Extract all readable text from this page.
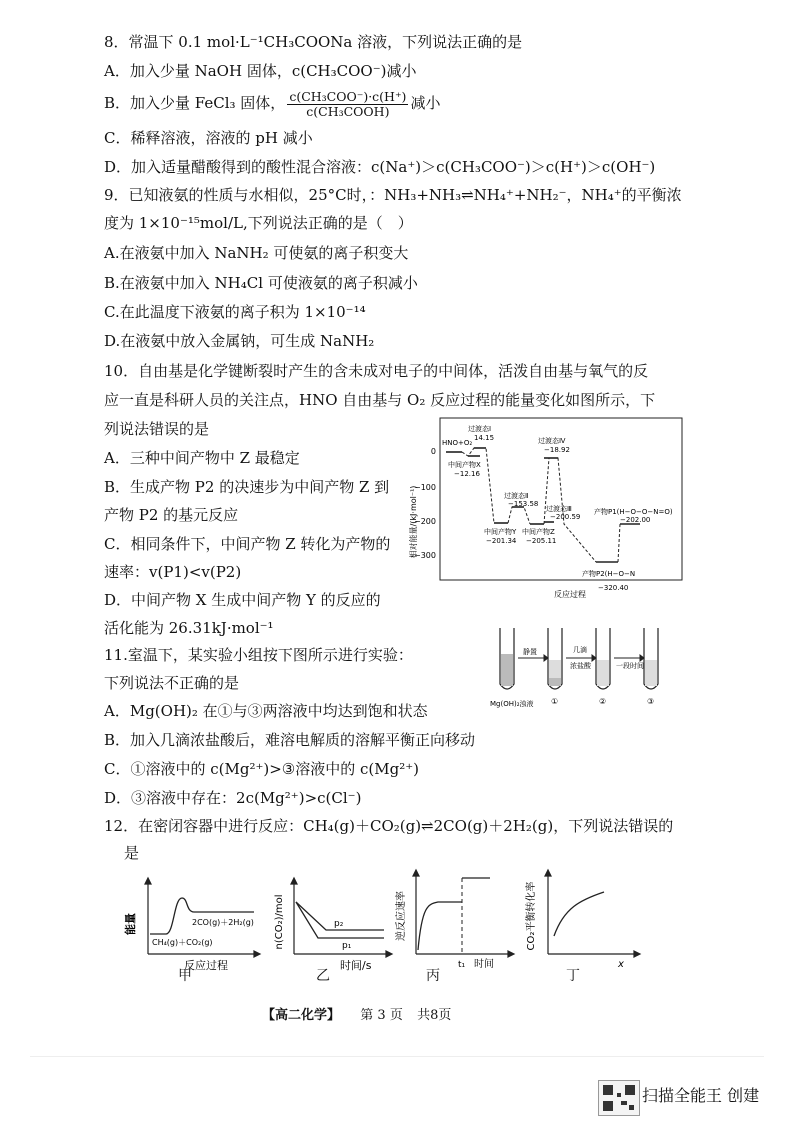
8．常温下 0.1 mol·L⁻¹CH₃COONa 溶液，下列说法正确的是
A．加入少量 NaOH 固体，c(CH₃COO⁻)减小
B．加入少量 FeCl₃ 固体， $\frac{\text{c(CH₃COO⁻)·c(H⁺)}}{\text{c(CH₃COOH)}}$ 减小
C．稀释溶液，溶液的 pH 减小
D．加入适量醋酸得到的酸性混合溶液：c(Na⁺)＞c(CH₃COO⁻)＞c(H⁺)＞c(OH⁻)
9．已知液氨的性质与水相似，25°C时，：NH₃+NH₃⇌NH₄⁺+NH₂⁻，NH₄⁺的平衡浓
度为 1×10⁻¹⁵mol/L,下列说法正确的是（　）
A.在液氨中加入 NaNH₂ 可使氨的离子积变大
B.在液氨中加入 NH₄Cl 可使液氨的离子积减小
C.在此温度下液氨的离子积为 1×10⁻¹⁴
D.在液氨中放入金属钠，可生成 NaNH₂
10．自由基是化学键断裂时产生的含未成对电子的中间体，活泼自由基与氧气的反
应一直是科研人员的关注点，HNO 自由基与 O₂ 反应过程的能量变化如图所示，下
列说法错误的是
A．三种中间产物中 Z 最稳定
B．生成产物 P2 的决速步为中间产物 Z 到
产物 P2 的基元反应
C．相同条件下，中间产物 Z 转化为产物的
速率：v(P1)<v(P2)
D．中间产物 X 生成中间产物 Y 的反应的
活化能为 26.31kJ·mol⁻¹
相对能量/(kJ·mol⁻¹)
0
−100
−200
−300
HNO+O₂
过渡态Ⅰ
14.15
中间产物X
−12.16
过渡态Ⅱ
−153.58
中间产物Y
−201.34
中间产物Z
−205.11
过渡态Ⅲ
−200.59
过渡态Ⅳ
−18.92
产物P1(H−O−O−N=O)
−202.00
产物P2(H−O−N
−320.40
反应过程
11.室温下，某实验小组按下图所示进行实验：
下列说法不正确的是
A．Mg(OH)₂ 在①与③两溶液中均达到饱和状态
B．加入几滴浓盐酸后，难溶电解质的溶解平衡正向移动
C．①溶液中的 c(Mg²⁺)>③溶液中的 c(Mg²⁺)
D．③溶液中存在：2c(Mg²⁺)>c(Cl⁻)
静置	几滴
浓盐酸	一段时间
Mg(OH)₂浊液 ①	②	③
12．在密闭容器中进行反应：CH₄(g)＋CO₂(g)⇌2CO(g)＋2H₂(g)，下列说法错误的
是
能量	2CO(g)＋2H₂(g)
CH₄(g)＋CO₂(g)
反应过程
甲
n(CO₂)/mol	p₂
p₁
时间/s
乙
逆反应速率
t₁ 时间
丙
CO₂平衡转化率
x
丁
【高二化学】 第 3 页 共8页
扫描全能王 创建
